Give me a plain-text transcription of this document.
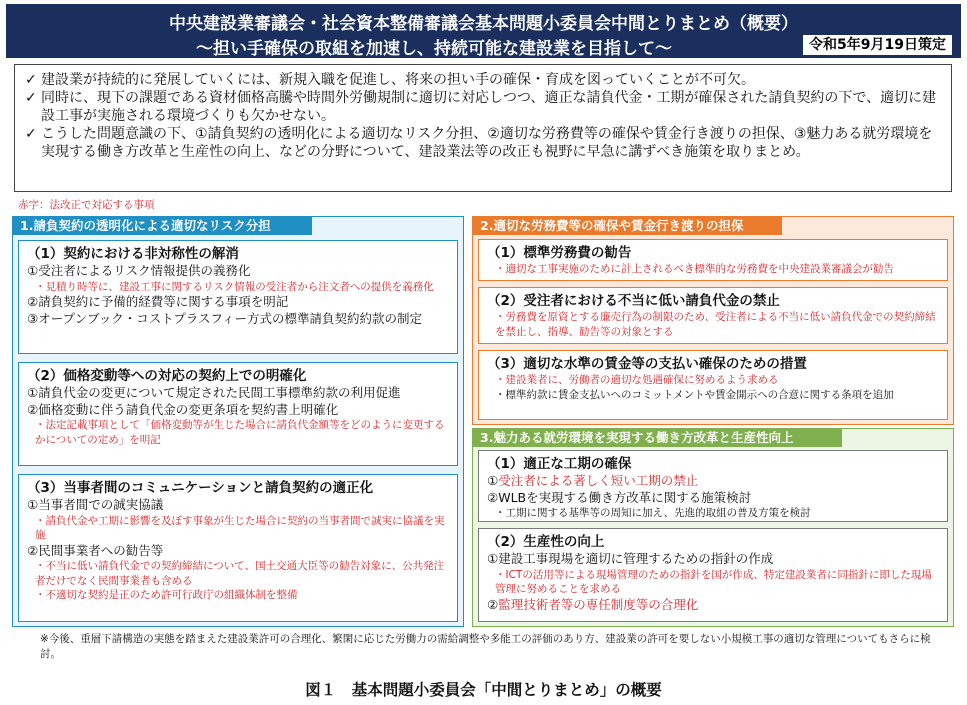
中央建設業審議会・社会資本整備審議会基本問題小委員会中間とりまとめ（概要）
～担い手確保の取組を加速し、持続可能な建設業を目指して～	令和5年9月19日策定
✓ 建設業が持続的に発展していくには、新規入職を促進し、将来の担い手の確保・育成を図っていくことが不可欠。
✓ 同時に、現下の課題である資材価格高騰や時間外労働規制に適切に対応しつつ、適正な請負代金・工期が確保された請負契約の下で、適切に建設工事が実施される環境づくりも欠かせない。
✓ こうした問題意識の下、①請負契約の透明化による適切なリスク分担、②適切な労務費等の確保や賃金行き渡りの担保、③魅力ある就労環境を実現する働き方改革と生産性の向上、などの分野について、建設業法等の改正も視野に早急に講ずべき施策を取りまとめ。
赤字：法改正で対応する事項
1.請負契約の透明化による適切なリスク分担
（1）契約における非対称性の解消
①受注者によるリスク情報提供の義務化
・見積り時等に、建設工事に関するリスク情報の受注者から注文者への提供を義務化
②請負契約に予備的経費等に関する事項を明記
③オープンブック・コストプラスフィー方式の標準請負契約約款の制定
（2）価格変動等への対応の契約上での明確化
①請負代金の変更について規定された民間工事標準約款の利用促進
②価格変動に伴う請負代金の変更条項を契約書上明確化
・法定記載事項として「価格変動等が生じた場合に請負代金額等をどのように変更するかについての定め」を明記
（3）当事者間のコミュニケーションと請負契約の適正化
①当事者間での誠実協議
・請負代金や工期に影響を及ぼす事象が生じた場合に契約の当事者間で誠実に協議を実施
②民間事業者への勧告等
・不当に低い請負代金での契約締結について、国土交通大臣等の勧告対象に、公共発注者だけでなく民間事業者も含める
・不適切な契約是正のため許可行政庁の組織体制を整備
2.適切な労務費等の確保や賃金行き渡りの担保
（1）標準労務費の勧告
・適切な工事実施のために計上されるべき標準的な労務費を中央建設業審議会が勧告
（2）受注者における不当に低い請負代金の禁止
・労務費を原資とする廉売行為の制限のため、受注者による不当に低い請負代金での契約締結を禁止し、指導、勧告等の対象とする
（3）適切な水準の賃金等の支払い確保のための措置
・建設業者に、労働者の適切な処遇確保に努めるよう求める
・標準約款に賃金支払いへのコミットメントや賃金開示への合意に関する条項を追加
3.魅力ある就労環境を実現する働き方改革と生産性向上
（1）適正な工期の確保
①受注者による著しく短い工期の禁止
②WLBを実現する働き方改革に関する施策検討
・工期に関する基準等の周知に加え、先進的取組の普及方策を検討
（2）生産性の向上
①建設工事現場を適切に管理するための指針の作成
・ICTの活用等による現場管理のための指針を国が作成、特定建設業者に同指針に即した現場管理に努めることを求める
②監理技術者等の専任制度等の合理化
※今後、重層下請構造の実態を踏まえた建設業許可の合理化、繁閑に応じた労働力の需給調整や多能工の評価のあり方、建設業の許可を要しない小規模工事の適切な管理についてもさらに検討。
図１　基本問題小委員会「中間とりまとめ」の概要
